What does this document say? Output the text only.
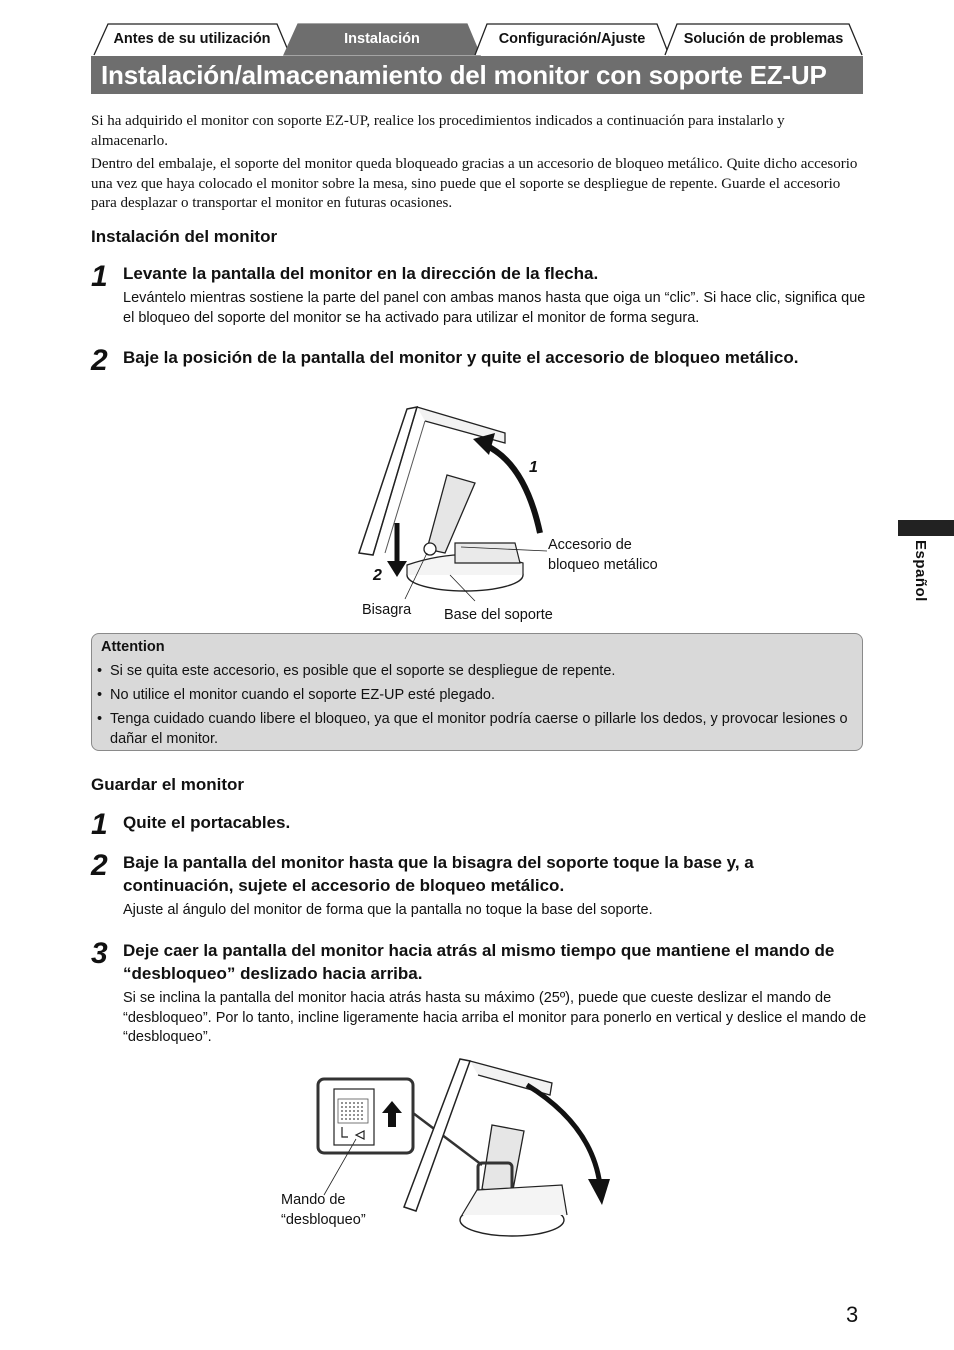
Antes de su utilización	Instalación	Configuración/Ajuste	Solución de problemas
Instalación/almacenamiento del monitor con soporte EZ-UP
Si ha adquirido el monitor con soporte EZ-UP, realice los procedimientos indicados a continuación para instalarlo y almacenarlo.
Dentro del embalaje, el soporte del monitor queda bloqueado gracias a un accesorio de bloqueo metálico. Quite dicho accesorio una vez que haya colocado el monitor sobre la mesa, sino puede que el soporte se despliegue de repente. Guarde el accesorio para desplazar o transportar el monitor en futuras ocasiones.
Instalación del monitor
1 Levante la pantalla del monitor en la dirección de la flecha.
Levántelo mientras sostiene la parte del panel con ambas manos hasta que oiga un “clic”. Si hace clic, significa que el bloqueo del soporte del monitor se ha activado para utilizar el monitor de forma segura.
2 Baje la posición de la pantalla del monitor y quite el accesorio de bloqueo metálico.
1
2
Accesorio de bloqueo metálico
Bisagra Base del soporte
Attention
• Si se quita este accesorio, es posible que el soporte se despliegue de repente.
• No utilice el monitor cuando el soporte EZ-UP esté plegado.
• Tenga cuidado cuando libere el bloqueo, ya que el monitor podría caerse o pillarle los dedos, y provocar lesiones o dañar el monitor.
Guardar el monitor
1 Quite el portacables.
2 Baje la pantalla del monitor hasta que la bisagra del soporte toque la base y, a continuación, sujete el accesorio de bloqueo metálico.
Ajuste al ángulo del monitor de forma que la pantalla no toque la base del soporte.
3 Deje caer la pantalla del monitor hacia atrás al mismo tiempo que mantiene el mando de “desbloqueo” deslizado hacia arriba.
Si se inclina la pantalla del monitor hacia atrás hasta su máximo (25º), puede que cueste deslizar el mando de “desbloqueo”. Por lo tanto, incline ligeramente hacia arriba el monitor para ponerlo en vertical y deslice el mando de “desbloqueo”.
Mando de “desbloqueo”
Español
3
